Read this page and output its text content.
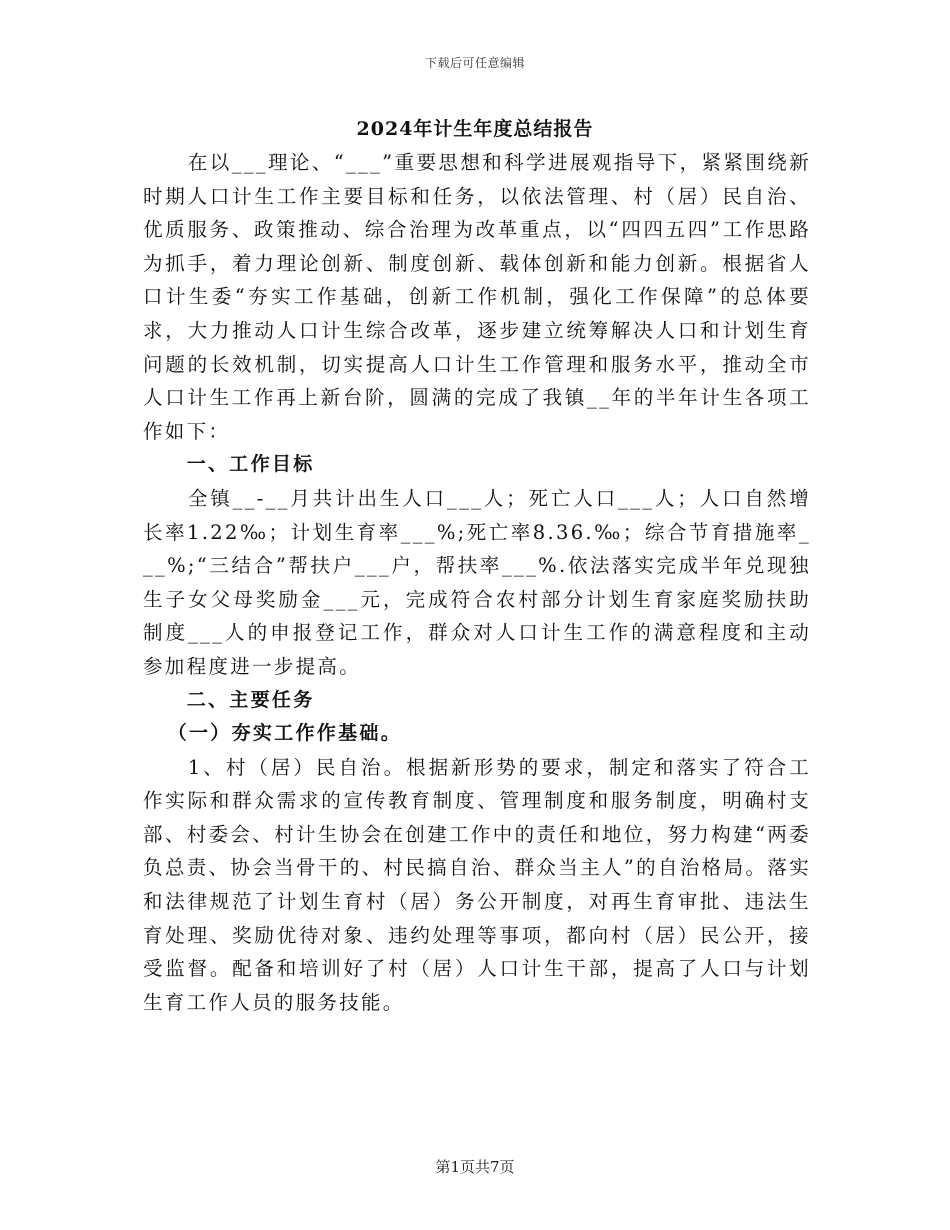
下载后可任意编辑
2024年计生年度总结报告

在以___理论、“___”重要思想和科学进展观指导下，紧紧围绕新时期人口计生工作主要目标和任务，以依法管理、村（居）民自治、优质服务、政策推动、综合治理为改革重点，以“四四五四”工作思路为抓手，着力理论创新、制度创新、载体创新和能力创新。根据省人口计生委“夯实工作基础，创新工作机制，强化工作保障”的总体要求，大力推动人口计生综合改革，逐步建立统筹解决人口和计划生育问题的长效机制，切实提高人口计生工作管理和服务水平，推动全市人口计生工作再上新台阶，圆满的完成了我镇__年的半年计生各项工作如下：

一、工作目标

全镇__-__月共计出生人口___人；死亡人口___人；人口自然增长率1.22‰；计划生育率___%;死亡率8.36.‰；综合节育措施率___%;“三结合”帮扶户___户，帮扶率___%.依法落实完成半年兑现独生子女父母奖励金___元，完成符合农村部分计划生育家庭奖励扶助制度___人的申报登记工作，群众对人口计生工作的满意程度和主动参加程度进一步提高。

二、主要任务

（一）夯实工作作基础。

1、村（居）民自治。根据新形势的要求，制定和落实了符合工作实际和群众需求的宣传教育制度、管理制度和服务制度，明确村支部、村委会、村计生协会在创建工作中的责任和地位，努力构建“两委负总责、协会当骨干的、村民搞自治、群众当主人”的自治格局。落实和法律规范了计划生育村（居）务公开制度，对再生育审批、违法生育处理、奖励优待对象、违约处理等事项，都向村（居）民公开，接受监督。配备和培训好了村（居）人口计生干部，提高了人口与计划生育工作人员的服务技能。

第1页共7页
